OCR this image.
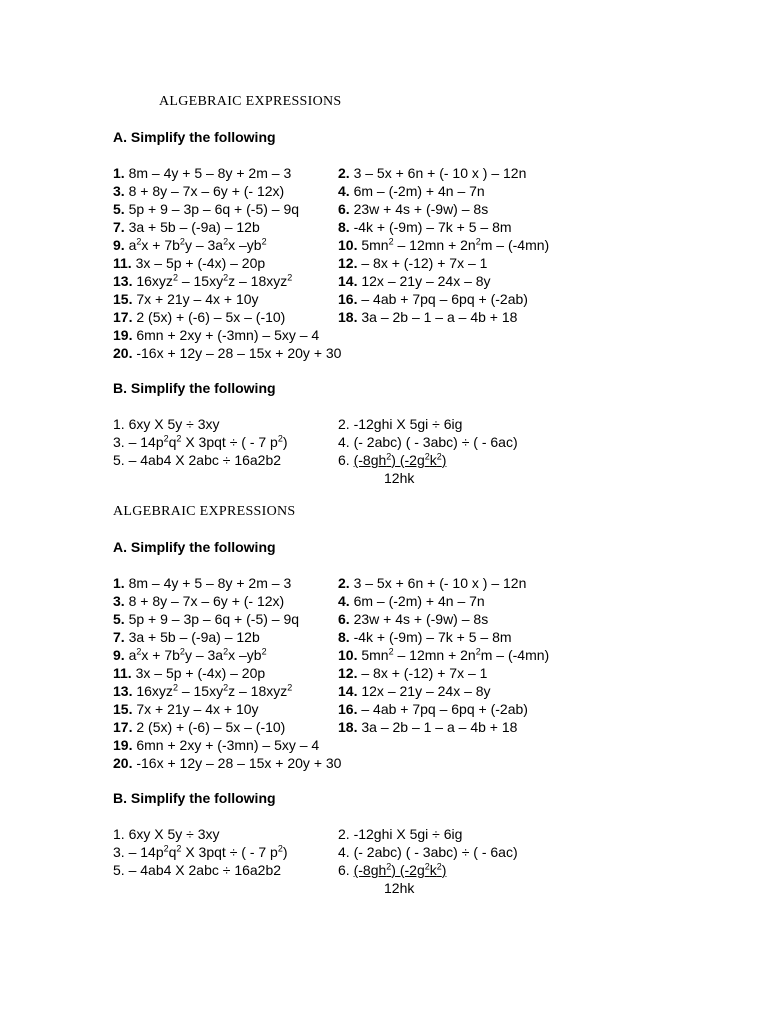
ALGEBRAIC EXPRESSIONS
A. Simplify the following
1. 8m – 4y + 5 – 8y + 2m – 3	2. 3 – 5x + 6n + (- 10 x ) – 12n
3. 8 + 8y – 7x – 6y + (- 12x)	4. 6m – (-2m) + 4n – 7n
5. 5p + 9 – 3p – 6q + (-5) – 9q	6. 23w + 4s + (-9w) – 8s
7. 3a + 5b – (-9a) – 12b	8. -4k + (-9m) – 7k + 5 – 8m
9. $a^2x + 7b^2y - 3a^2x$ $-yb^2$	10. $5mn^2 - 12mn + 2n^2m - (-4mn)$
11. 3x – 5p + (-4x) – 20p	12. – 8x + (-12) + 7x – 1
13. $16xyz^2 - 15xy^2z - 18xyz^2$	14. 12x – 21y – 24x – 8y
15. 7x + 21y – 4x + 10y	16. – 4ab + 7pq – 6pq + (-2ab)
17. 2 (5x) + (-6) – 5x – (-10)	18. 3a – 2b – 1 – a – 4b + 18
19. 6mn + 2xy + (-3mn) – 5xy – 4
20. -16x + 12y – 28 – 15x + 20y + 30
B. Simplify the following
1. 6xy X 5y ÷ 3xy	2. -12ghi X 5gi ÷ 6ig
3. – $14p^2q^2$ X 3pqt ÷ ( - 7 $p^2$)	4. (- 2abc) ( - 3abc) ÷ ( - 6ac)
5. – 4ab4 X 2abc ÷ 16a2b2	6. $(-8gh^2)$ $(-2g^2k^2)$
12hk
ALGEBRAIC EXPRESSIONS
A. Simplify the following
1. 8m – 4y + 5 – 8y + 2m – 3	2. 3 – 5x + 6n + (- 10 x ) – 12n
3. 8 + 8y – 7x – 6y + (- 12x)	4. 6m – (-2m) + 4n – 7n
5. 5p + 9 – 3p – 6q + (-5) – 9q	6. 23w + 4s + (-9w) – 8s
7. 3a + 5b – (-9a) – 12b	8. -4k + (-9m) – 7k + 5 – 8m
9. $a^2x + 7b^2y - 3a^2x$ $-yb^2$	10. $5mn^2 - 12mn + 2n^2m - (-4mn)$
11. 3x – 5p + (-4x) – 20p	12. – 8x + (-12) + 7x – 1
13. $16xyz^2 - 15xy^2z - 18xyz^2$	14. 12x – 21y – 24x – 8y
15. 7x + 21y – 4x + 10y	16. – 4ab + 7pq – 6pq + (-2ab)
17. 2 (5x) + (-6) – 5x – (-10)	18. 3a – 2b – 1 – a – 4b + 18
19. 6mn + 2xy + (-3mn) – 5xy – 4
20. -16x + 12y – 28 – 15x + 20y + 30
B. Simplify the following
1. 6xy X 5y ÷ 3xy	2. -12ghi X 5gi ÷ 6ig
3. – $14p^2q^2$ X 3pqt ÷ ( - 7 $p^2$)	4. (- 2abc) ( - 3abc) ÷ ( - 6ac)
5. – 4ab4 X 2abc ÷ 16a2b2	6. $(-8gh^2)$ $(-2g^2k^2)$
12hk
